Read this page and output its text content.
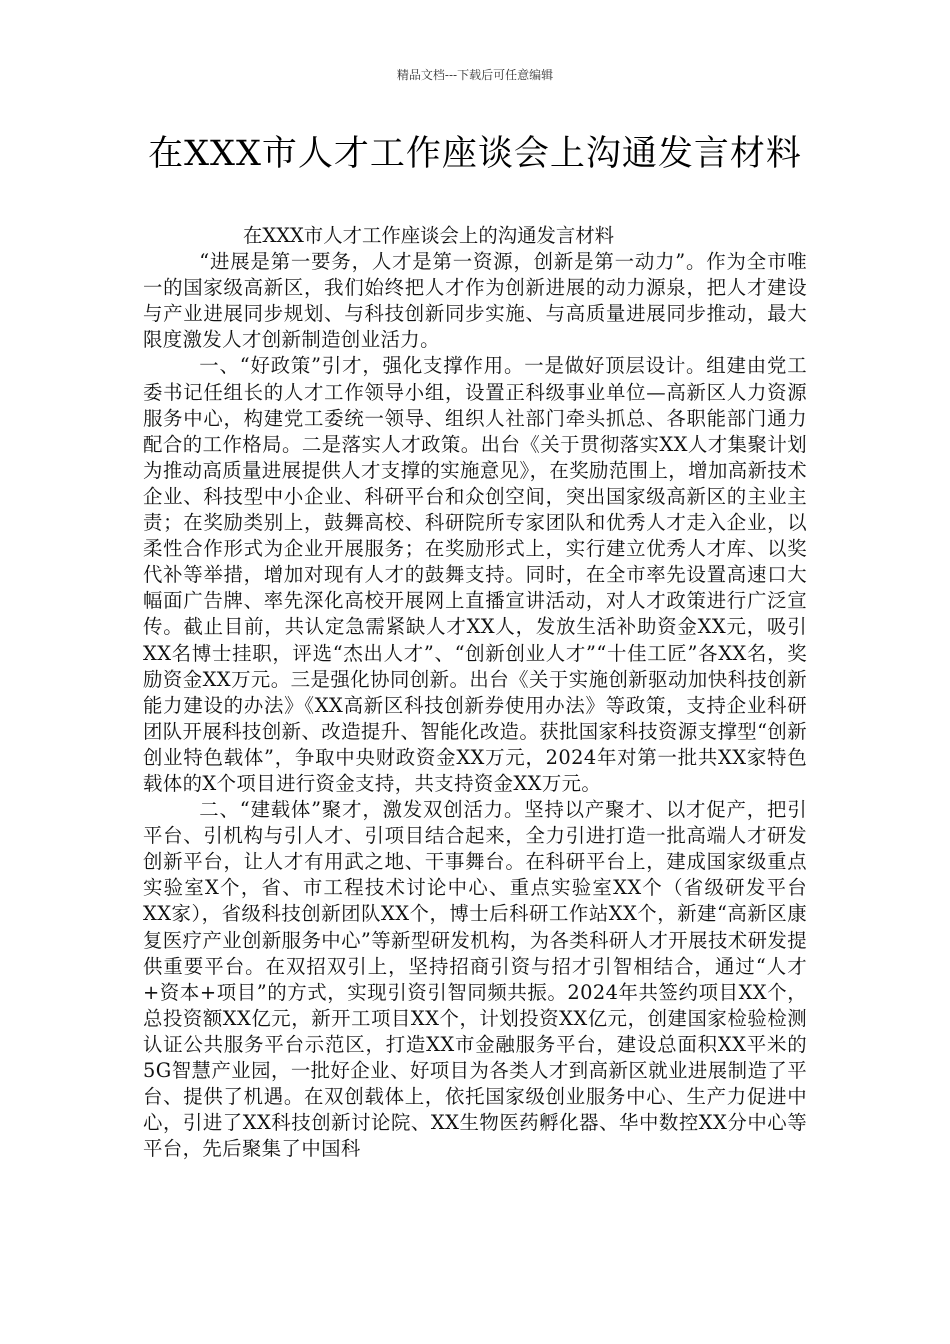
精品文档---下载后可任意编辑
在XXX市人才工作座谈会上沟通发言材料

在XXX市人才工作座谈会上的沟通发言材料

“进展是第一要务，人才是第一资源，创新是第一动力”。作为全市唯一的国家级高新区，我们始终把人才作为创新进展的动力源泉，把人才建设与产业进展同步规划、与科技创新同步实施、与高质量进展同步推动，最大限度激发人才创新制造创业活力。

一、“好政策”引才，强化支撑作用。一是做好顶层设计。组建由党工委书记任组长的人才工作领导小组，设置正科级事业单位—高新区人力资源服务中心，构建党工委统一领导、组织人社部门牵头抓总、各职能部门通力配合的工作格局。二是落实人才政策。出台《关于贯彻落实XX人才集聚计划 为推动高质量进展提供人才支撑的实施意见》，在奖励范围上，增加高新技术企业、科技型中小企业、科研平台和众创空间，突出国家级高新区的主业主责；在奖励类别上，鼓舞高校、科研院所专家团队和优秀人才走入企业，以柔性合作形式为企业开展服务；在奖励形式上，实行建立优秀人才库、以奖代补等举措，增加对现有人才的鼓舞支持。同时，在全市率先设置高速口大幅面广告牌、率先深化高校开展网上直播宣讲活动，对人才政策进行广泛宣传。截止目前，共认定急需紧缺人才XX人，发放生活补助资金XX元，吸引XX名博士挂职，评选“杰出人才”、“创新创业人才”“十佳工匠”各XX名，奖励资金XX万元。三是强化协同创新。出台《关于实施创新驱动加快科技创新能力建设的办法》《XX高新区科技创新券使用办法》等政策，支持企业科研团队开展科技创新、改造提升、智能化改造。获批国家科技资源支撑型“创新创业特色载体”，争取中央财政资金XX万元，2024年对第一批共XX家特色载体的X个项目进行资金支持，共支持资金XX万元。

二、“建载体”聚才，激发双创活力。坚持以产聚才、以才促产，把引平台、引机构与引人才、引项目结合起来，全力引进打造一批高端人才研发创新平台，让人才有用武之地、干事舞台。在科研平台上，建成国家级重点实验室X个，省、市工程技术讨论中心、重点实验室XX个（省级研发平台XX家），省级科技创新团队XX个，博士后科研工作站XX个，新建“高新区康复医疗产业创新服务中心”等新型研发机构，为各类科研人才开展技术研发提供重要平台。在双招双引上，坚持招商引资与招才引智相结合，通过“人才+资本+项目”的方式，实现引资引智同频共振。2024年共签约项目XX个，总投资额XX亿元，新开工项目XX个，计划投资XX亿元，创建国家检验检测认证公共服务平台示范区，打造XX市金融服务平台，建设总面积XX平米的5G智慧产业园，一批好企业、好项目为各类人才到高新区就业进展制造了平台、提供了机遇。在双创载体上，依托国家级创业服务中心、生产力促进中心，引进了XX科技创新讨论院、XX生物医药孵化器、华中数控XX分中心等平台，先后聚集了中国科
